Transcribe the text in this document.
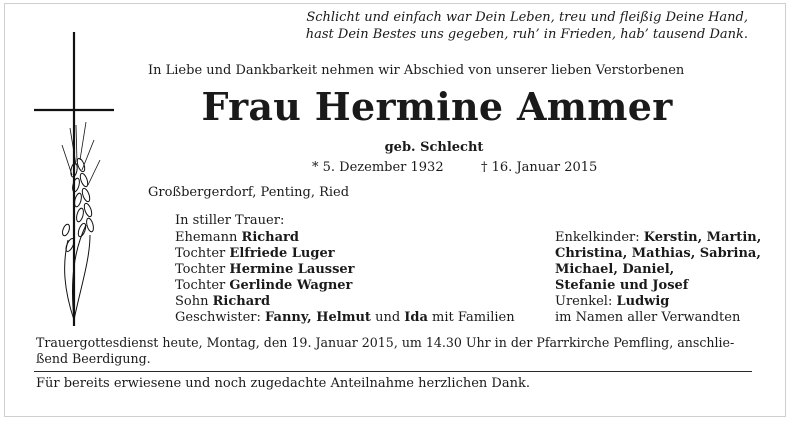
Schlicht und einfach war Dein Leben, treu und fleißig Deine Hand,
hast Dein Bestes uns gegeben, ruh’ in Frieden, hab’ tausend Dank.
In Liebe und Dankbarkeit nehmen wir Abschied von unserer lieben Verstorbenen
Frau Hermine Ammer
geb. Schlecht
* 5. Dezember 1932	† 16. Januar 2015
Großbergerdorf, Penting, Ried
In stiller Trauer:
Ehemann Richard
Tochter Elfriede Luger
Tochter Hermine Lausser
Tochter Gerlinde Wagner
Sohn Richard
Geschwister: Fanny, Helmut und Ida mit Familien
Enkelkinder: Kerstin, Martin,
Christina, Mathias, Sabrina,
Michael, Daniel,
Stefanie und Josef
Urenkel: Ludwig
im Namen aller Verwandten
Trauergottesdienst heute, Montag, den 19. Januar 2015, um 14.30 Uhr in der Pfarrkirche Pemfling, anschlie-
ßend Beerdigung.
Für bereits erwiesene und noch zugedachte Anteilnahme herzlichen Dank.
